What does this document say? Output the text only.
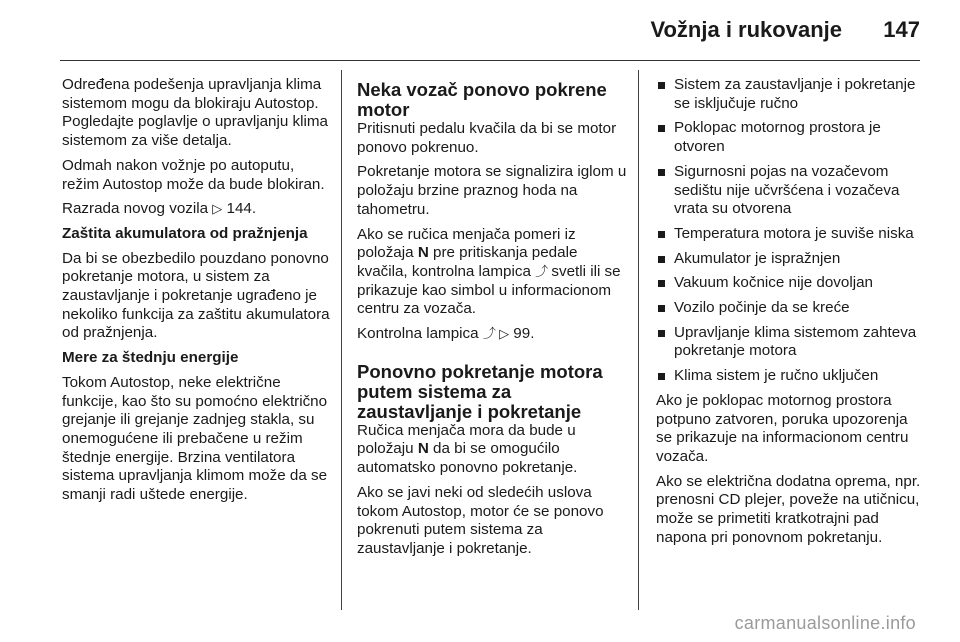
Vožnja i rukovanje 147

Određena podešenja upravljanja klima sistemom mogu da blokiraju Autostop. Pogledajte poglavlje o upravljanju klima sistemom za više detalja.

Odmah nakon vožnje po autoputu, režim Autostop može da bude blokiran.

Razrada novog vozila ▷ 144.

Zaštita akumulatora od pražnjenja

Da bi se obezbedilo pouzdano ponovno pokretanje motora, u sistem za zaustavljanje i pokretanje ugrađeno je nekoliko funkcija za zaštitu akumulatora od pražnjenja.

Mere za štednju energije

Tokom Autostop, neke električne funkcije, kao što su pomoćno električno grejanje ili grejanje zadnjeg stakla, su onemogućene ili prebačene u režim štednje energije. Brzina ventilatora sistema upravljanja klimom može da se smanji radi uštede energije.

Neka vozač ponovo pokrene motor

Pritisnuti pedalu kvačila da bi se motor ponovo pokrenuo.

Pokretanje motora se signalizira iglom u položaju brzine praznog hoda na tahometru.

Ako se ručica menjača pomeri iz položaja N pre pritiskanja pedale kvačila, kontrolna lampica ⤴ svetli ili se prikazuje kao simbol u informacionom centru za vozača.

Kontrolna lampica ⤴ ▷ 99.

Ponovno pokretanje motora putem sistema za zaustavljanje i pokretanje

Ručica menjača mora da bude u položaju N da bi se omogućilo automatsko ponovno pokretanje.

Ako se javi neki od sledećih uslova tokom Autostop, motor će se ponovo pokrenuti putem sistema za zaustavljanje i pokretanje.

Sistem za zaustavljanje i pokretanje se isključuje ručno
Poklopac motornog prostora je otvoren
Sigurnosni pojas na vozačevom sedištu nije učvršćena i vozačeva vrata su otvorena
Temperatura motora je suviše niska
Akumulator je ispražnjen
Vakuum kočnice nije dovoljan
Vozilo počinje da se kreće
Upravljanje klima sistemom zahteva pokretanje motora
Klima sistem je ručno uključen

Ako je poklopac motornog prostora potpuno zatvoren, poruka upozorenja se prikazuje na informacionom centru vozača.

Ako se električna dodatna oprema, npr. prenosni CD plejer, poveže na utičnicu, može se primetiti kratkotrajni pad napona pri ponovnom pokretanju.

carmanualsonline.info
